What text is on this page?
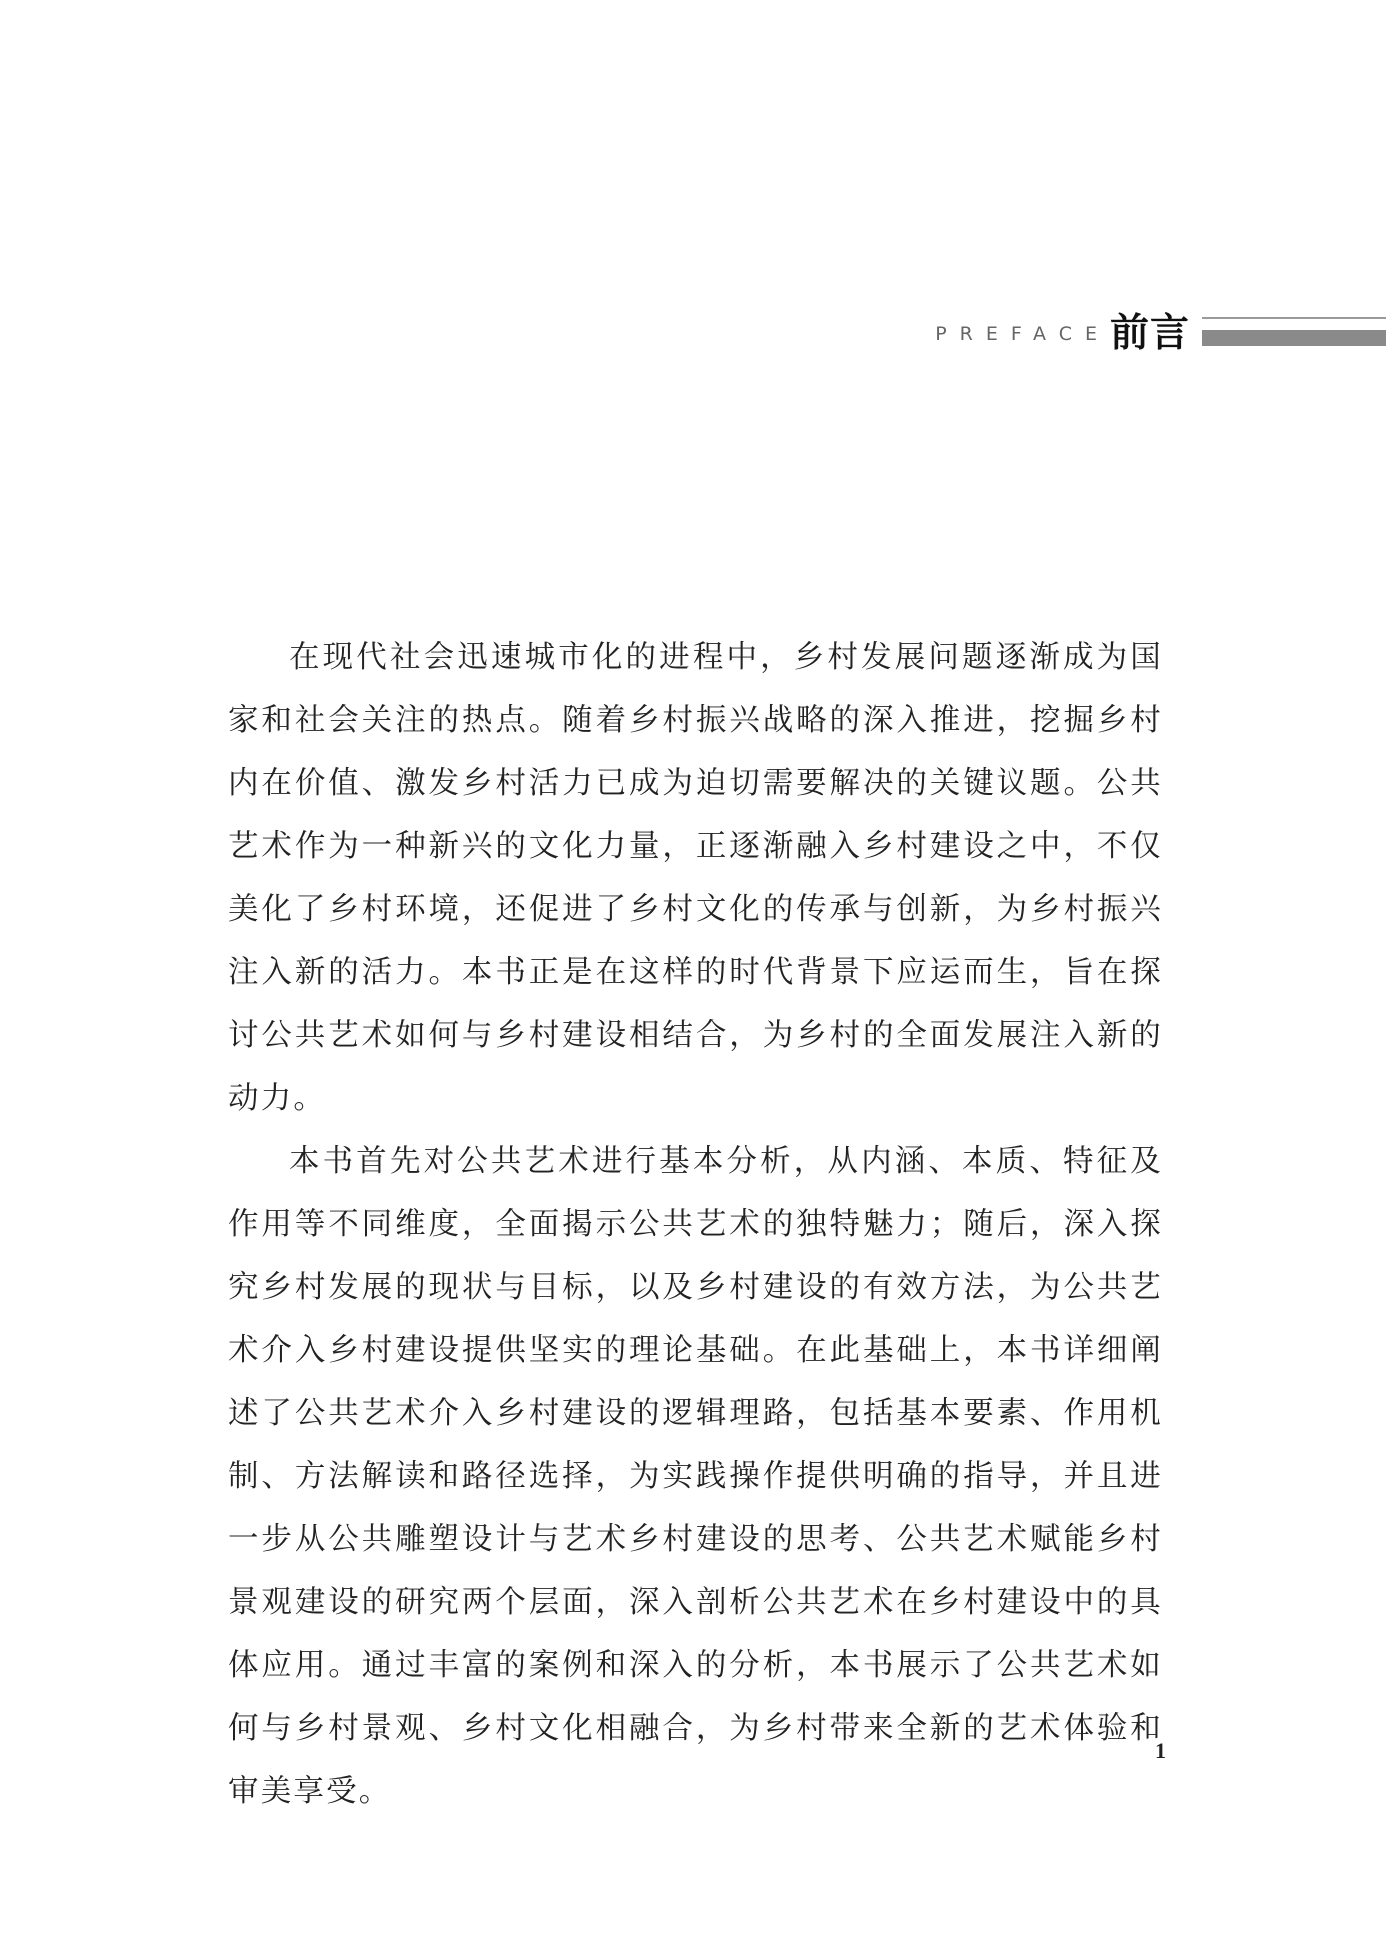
PREFACE 前言

在现代社会迅速城市化的进程中，乡村发展问题逐渐成为国家和社会关注的热点。随着乡村振兴战略的深入推进，挖掘乡村内在价值、激发乡村活力已成为迫切需要解决的关键议题。公共艺术作为一种新兴的文化力量，正逐渐融入乡村建设之中，不仅美化了乡村环境，还促进了乡村文化的传承与创新，为乡村振兴注入新的活力。本书正是在这样的时代背景下应运而生，旨在探讨公共艺术如何与乡村建设相结合，为乡村的全面发展注入新的动力。

本书首先对公共艺术进行基本分析，从内涵、本质、特征及作用等不同维度，全面揭示公共艺术的独特魅力；随后，深入探究乡村发展的现状与目标，以及乡村建设的有效方法，为公共艺术介入乡村建设提供坚实的理论基础。在此基础上，本书详细阐述了公共艺术介入乡村建设的逻辑理路，包括基本要素、作用机制、方法解读和路径选择，为实践操作提供明确的指导，并且进一步从公共雕塑设计与艺术乡村建设的思考、公共艺术赋能乡村景观建设的研究两个层面，深入剖析公共艺术在乡村建设中的具体应用。通过丰富的案例和深入的分析，本书展示了公共艺术如何与乡村景观、乡村文化相融合，为乡村带来全新的艺术体验和审美享受。

1
